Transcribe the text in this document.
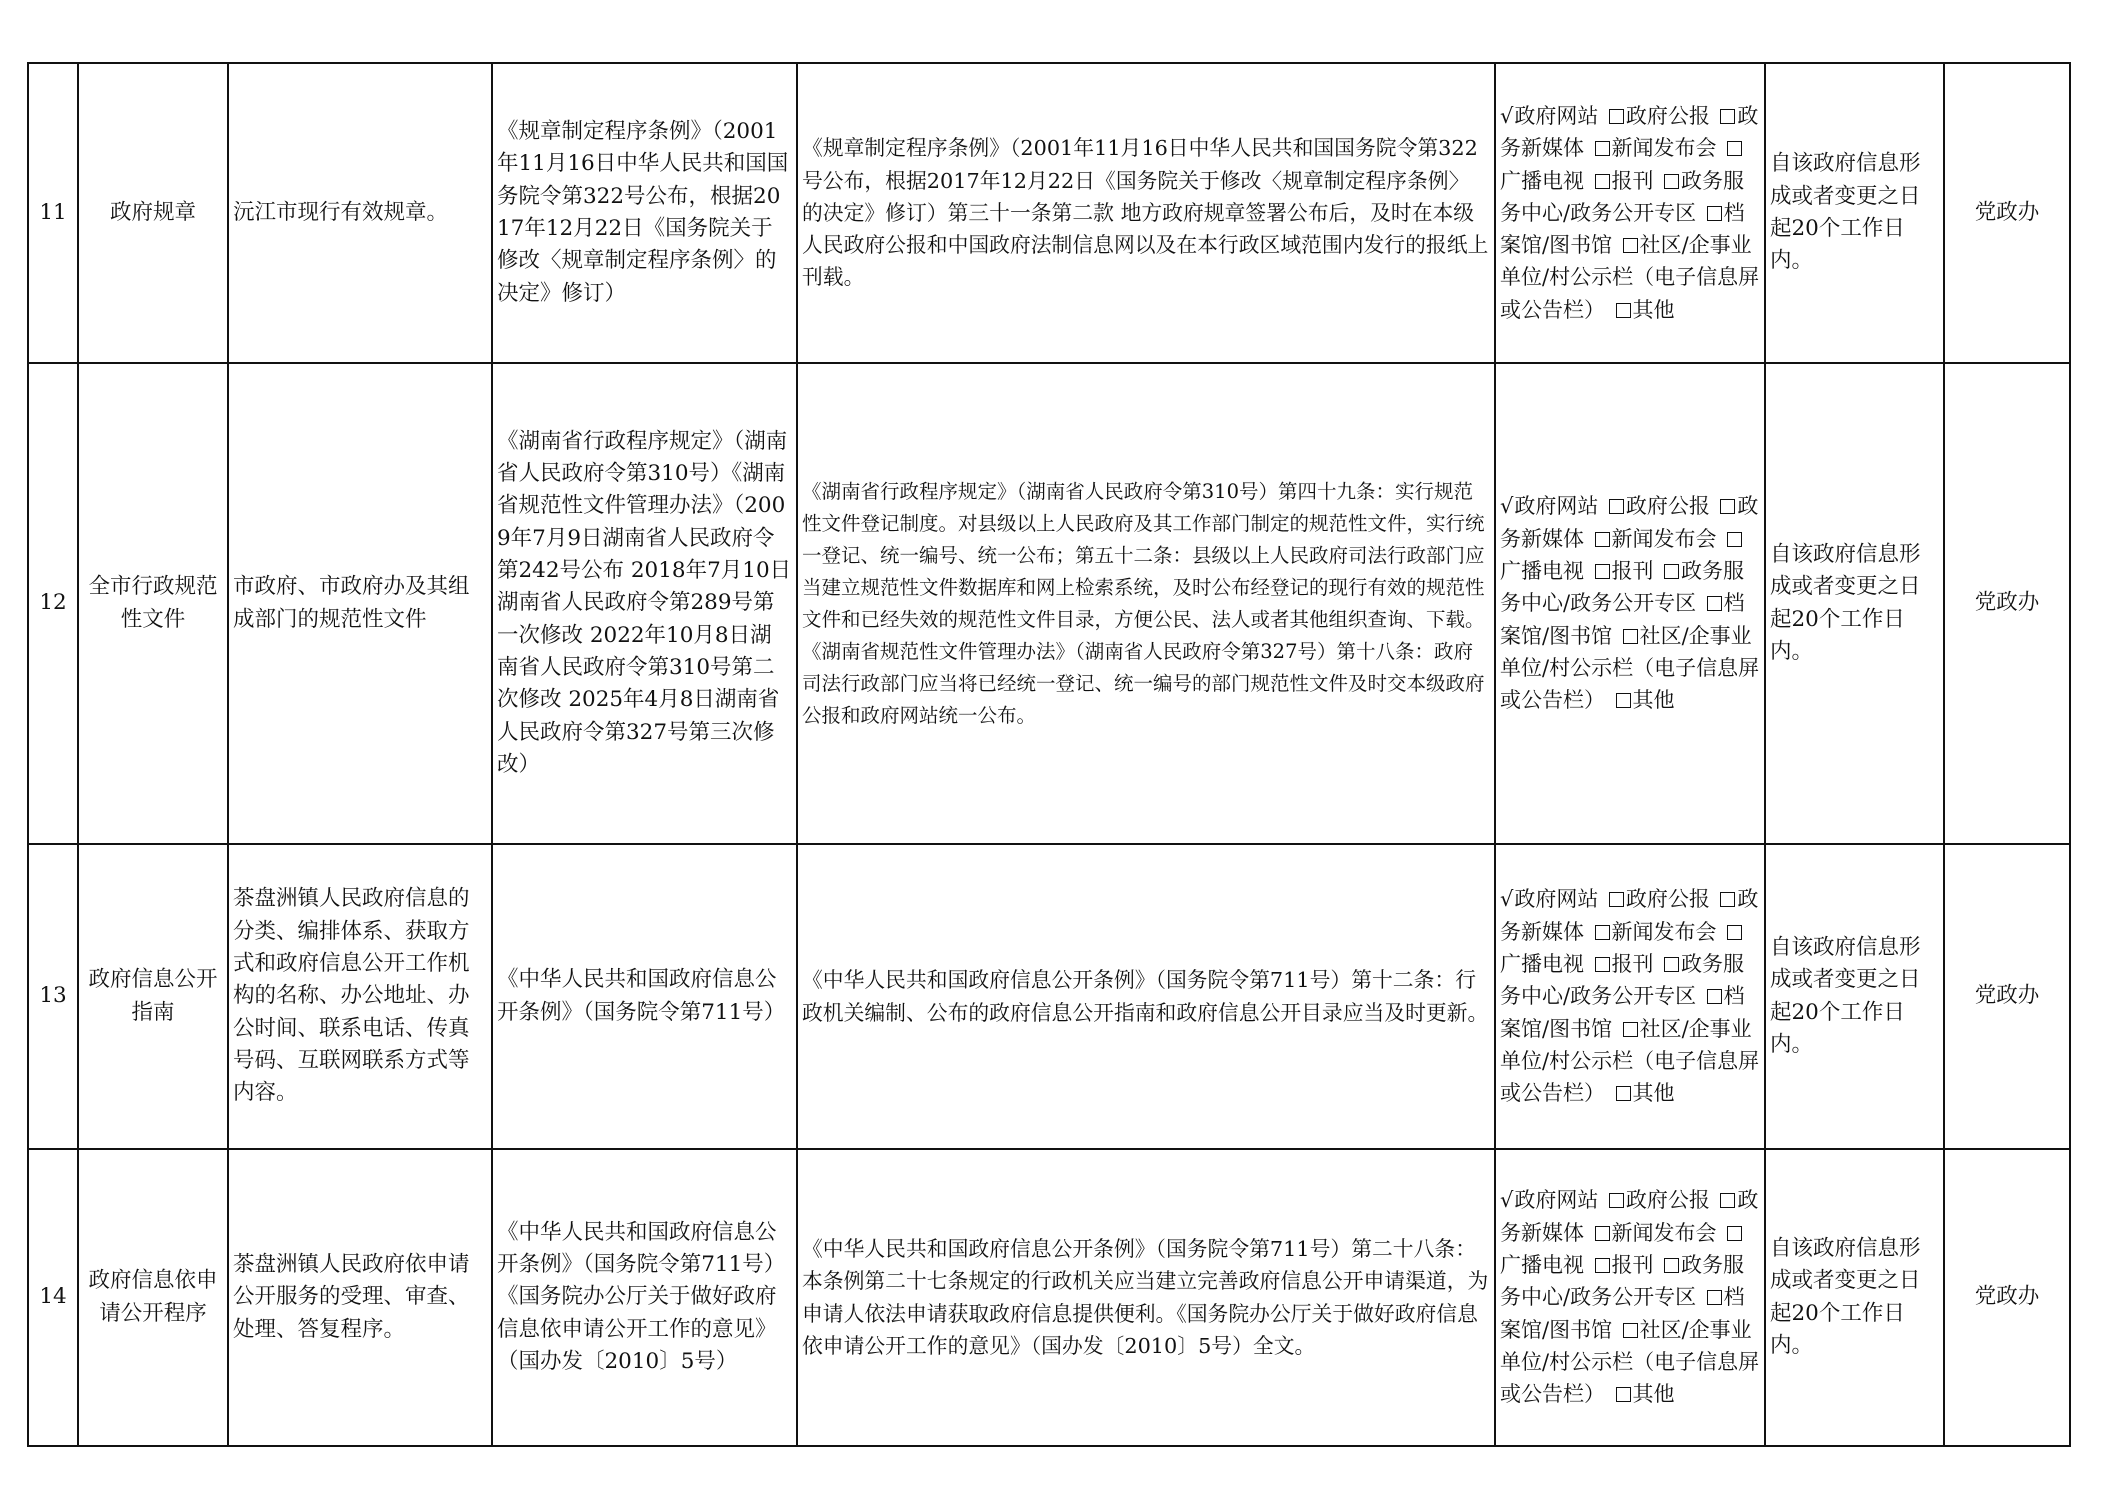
11	政府规章	沅江市现行有效规章。	《规章制定程序条例》（2001年11月16日中华人民共和国国务院令第322号公布，根据2017年12月22日《国务院关于修改〈规章制定程序条例〉的决定》修订）	《规章制定程序条例》（2001年11月16日中华人民共和国国务院令第322号公布，根据2017年12月22日《国务院关于修改〈规章制定程序条例〉的决定》修订）第三十一条第二款 地方政府规章签署公布后，及时在本级人民政府公报和中国政府法制信息网以及在本行政区域范围内发行的报纸上刊载。	√政府网站  政府公报  政务新媒体  新闻发布会 广播电视  报刊  政务服务中心/政务公开专区  档案馆/图书馆  社区/企事业单位/村公示栏（电子信息屏或公告栏）  其他	自该政府信息形成或者变更之日起20个工作日内。	党政办
12	全市行政规范性文件	市政府、市政府办及其组成部门的规范性文件	《湖南省行政程序规定》（湖南省人民政府令第310号）《湖南省规范性文件管理办法》（2009年7月9日湖南省人民政府令第242号公布 2018年7月10日湖南省人民政府令第289号第一次修改 2022年10月8日湖南省人民政府令第310号第二次修改 2025年4月8日湖南省人民政府令第327号第三次修改）	《湖南省行政程序规定》（湖南省人民政府令第310号）第四十九条：实行规范性文件登记制度。对县级以上人民政府及其工作部门制定的规范性文件，实行统一登记、统一编号、统一公布；第五十二条：县级以上人民政府司法行政部门应当建立规范性文件数据库和网上检索系统，及时公布经登记的现行有效的规范性文件和已经失效的规范性文件目录，方便公民、法人或者其他组织查询、下载。《湖南省规范性文件管理办法》（湖南省人民政府令第327号）第十八条：政府司法行政部门应当将已经统一登记、统一编号的部门规范性文件及时交本级政府公报和政府网站统一公布。	√政府网站  政府公报  政务新媒体  新闻发布会 广播电视  报刊  政务服务中心/政务公开专区  档案馆/图书馆  社区/企事业单位/村公示栏（电子信息屏或公告栏）  其他	自该政府信息形成或者变更之日起20个工作日内。	党政办
13	政府信息公开指南	茶盘洲镇人民政府信息的分类、编排体系、获取方式和政府信息公开工作机构的名称、办公地址、办公时间、联系电话、传真号码、互联网联系方式等内容。	《中华人民共和国政府信息公开条例》（国务院令第711号）	《中华人民共和国政府信息公开条例》（国务院令第711号）第十二条：行政机关编制、公布的政府信息公开指南和政府信息公开目录应当及时更新。	√政府网站  政府公报  政务新媒体  新闻发布会 广播电视  报刊  政务服务中心/政务公开专区  档案馆/图书馆  社区/企事业单位/村公示栏（电子信息屏或公告栏）  其他	自该政府信息形成或者变更之日起20个工作日内。	党政办
14	政府信息依申请公开程序	茶盘洲镇人民政府依申请公开服务的受理、审查、处理、答复程序。	《中华人民共和国政府信息公开条例》（国务院令第711号）《国务院办公厅关于做好政府信息依申请公开工作的意见》（国办发〔2010〕5号）	《中华人民共和国政府信息公开条例》（国务院令第711号）第二十八条：本条例第二十七条规定的行政机关应当建立完善政府信息公开申请渠道，为申请人依法申请获取政府信息提供便利。《国务院办公厅关于做好政府信息依申请公开工作的意见》（国办发〔2010〕5号）全文。	√政府网站  政府公报  政务新媒体  新闻发布会 广播电视  报刊  政务服务中心/政务公开专区  档案馆/图书馆  社区/企事业单位/村公示栏（电子信息屏或公告栏）  其他	自该政府信息形成或者变更之日起20个工作日内。	党政办
